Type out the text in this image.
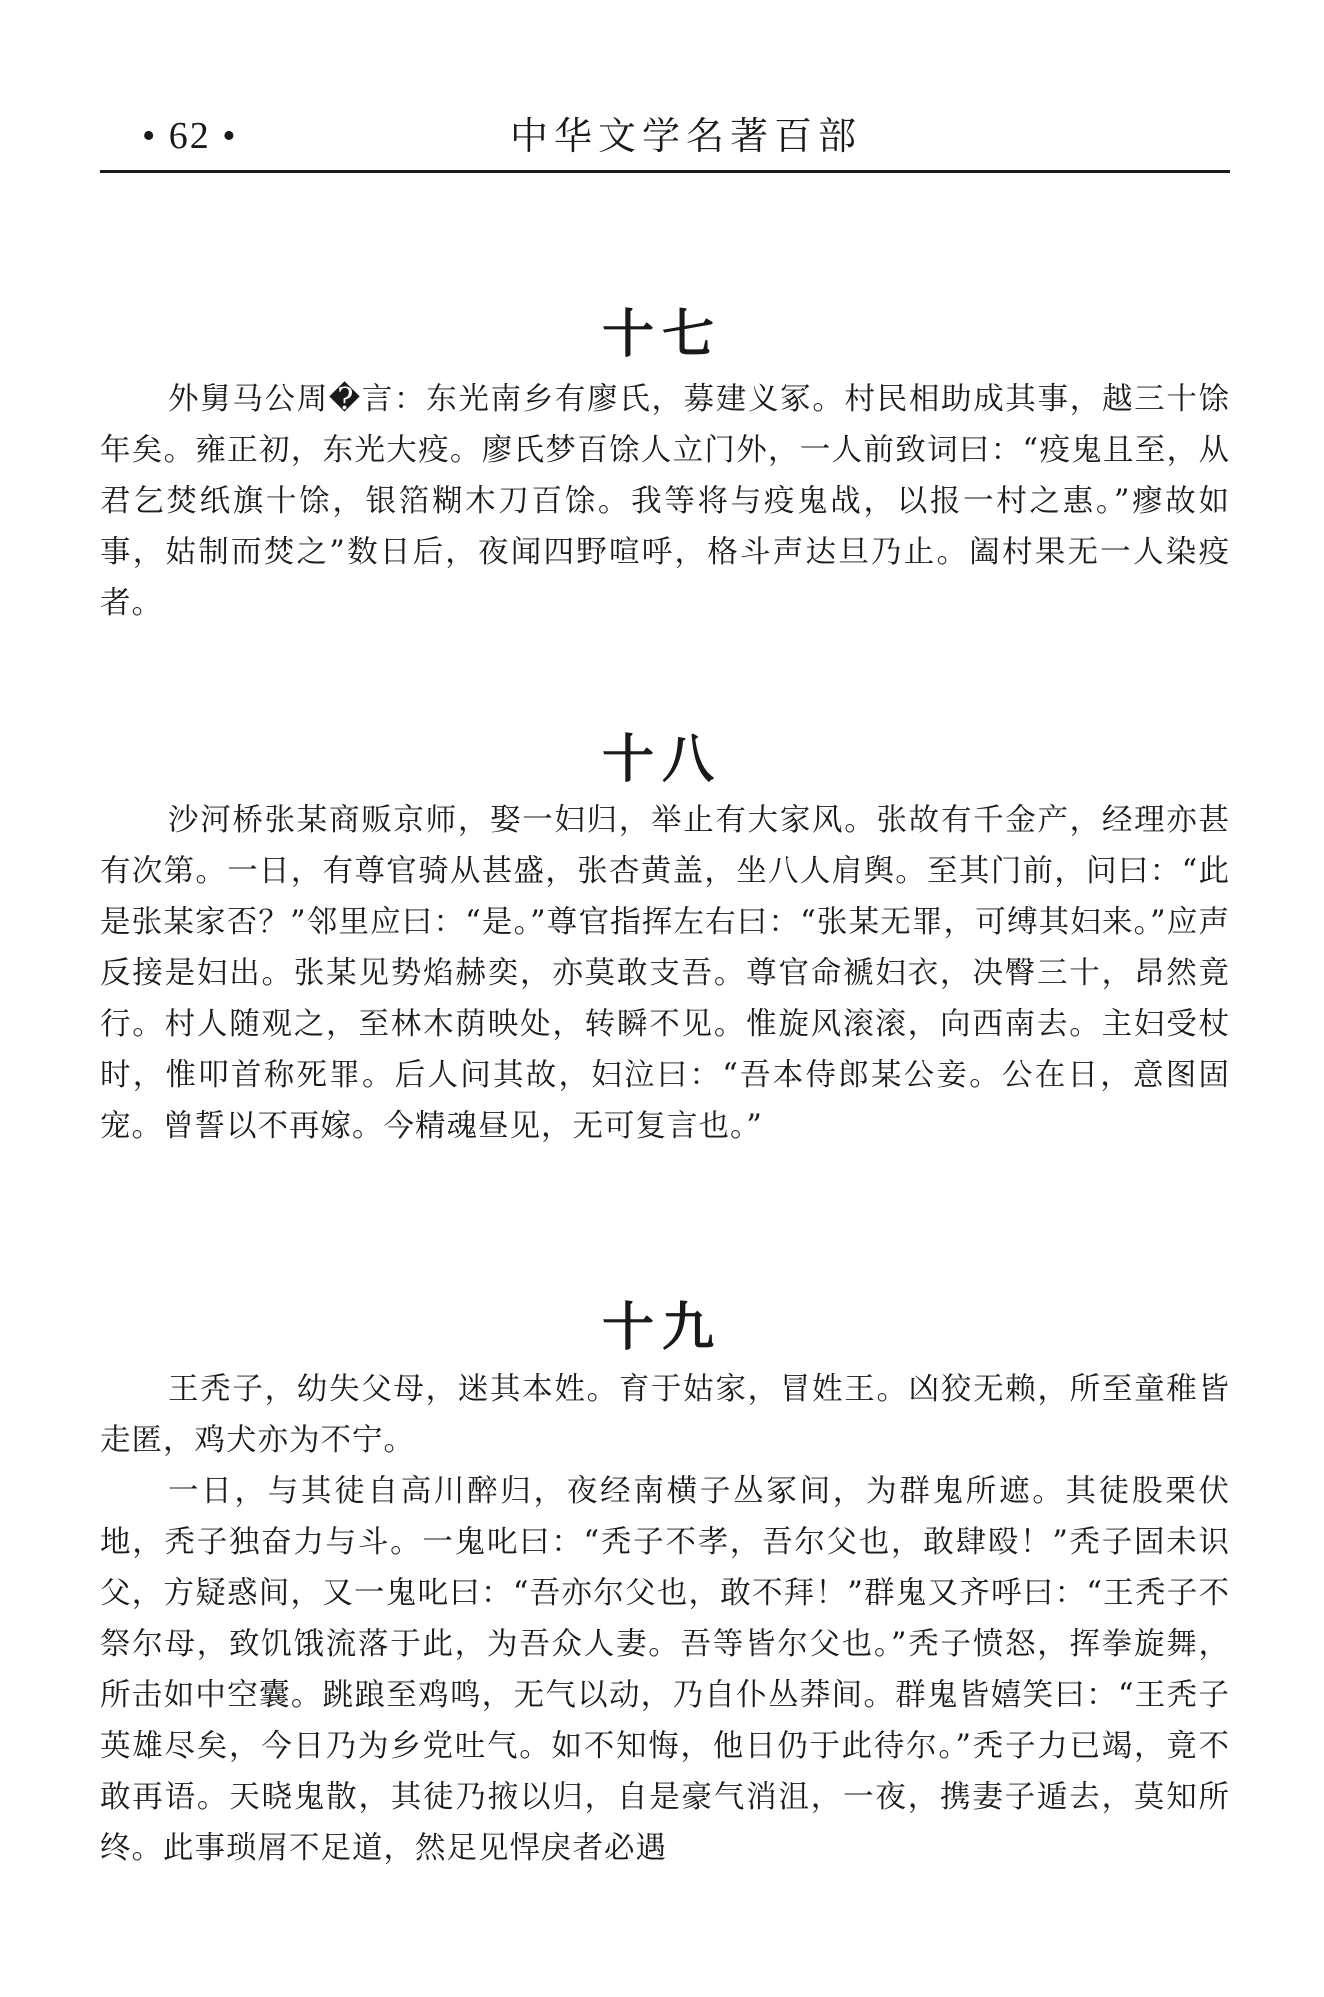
• 62 •	中华文学名著百部
十七

外舅马公周�言：东光南乡有廖氏，募建义冢。村民相助成其事，越三十馀年矣。雍正初，东光大疫。廖氏梦百馀人立门外，一人前致词曰：“疫鬼且至，从君乞焚纸旗十馀，银箔糊木刀百馀。我等将与疫鬼战，以报一村之惠。”瘳故如事，姑制而焚之”数日后，夜闻四野喧呼，格斗声达旦乃止。阖村果无一人染疫者。

十八

沙河桥张某商贩京师，娶一妇归，举止有大家风。张故有千金产，经理亦甚有次第。一日，有尊官骑从甚盛，张杏黄盖，坐八人肩舆。至其门前，问曰：“此是张某家否？”邻里应曰：“是。”尊官指挥左右曰：“张某无罪，可缚其妇来。”应声反接是妇出。张某见势焰赫奕，亦莫敢支吾。尊官命褫妇衣，决臀三十，昂然竟行。村人随观之，至林木荫映处，转瞬不见。惟旋风滚滚，向西南去。主妇受杖时，惟叩首称死罪。后人问其故，妇泣曰：“吾本侍郎某公妾。公在日，意图固宠。曾誓以不再嫁。今精魂昼见，无可复言也。”

十九

王秃子，幼失父母，迷其本姓。育于姑家，冒姓王。凶狡无赖，所至童稚皆走匿，鸡犬亦为不宁。

一日，与其徒自高川醉归，夜经南横子丛冢间，为群鬼所遮。其徒股栗伏地，秃子独奋力与斗。一鬼叱曰：“秃子不孝，吾尔父也，敢肆殴！”秃子固未识父，方疑惑间，又一鬼叱曰：“吾亦尔父也，敢不拜！”群鬼又齐呼曰：“王秃子不祭尔母，致饥饿流落于此，为吾众人妻。吾等皆尔父也。”秃子愤怒，挥拳旋舞，所击如中空囊。跳踉至鸡鸣，无气以动，乃自仆丛莽间。群鬼皆嬉笑曰：“王秃子英雄尽矣，今日乃为乡党吐气。如不知悔，他日仍于此待尔。”秃子力已竭，竟不敢再语。天晓鬼散，其徒乃掖以归，自是豪气消沮，一夜，携妻子遁去，莫知所终。此事琐屑不足道，然足见悍戾者必遇
